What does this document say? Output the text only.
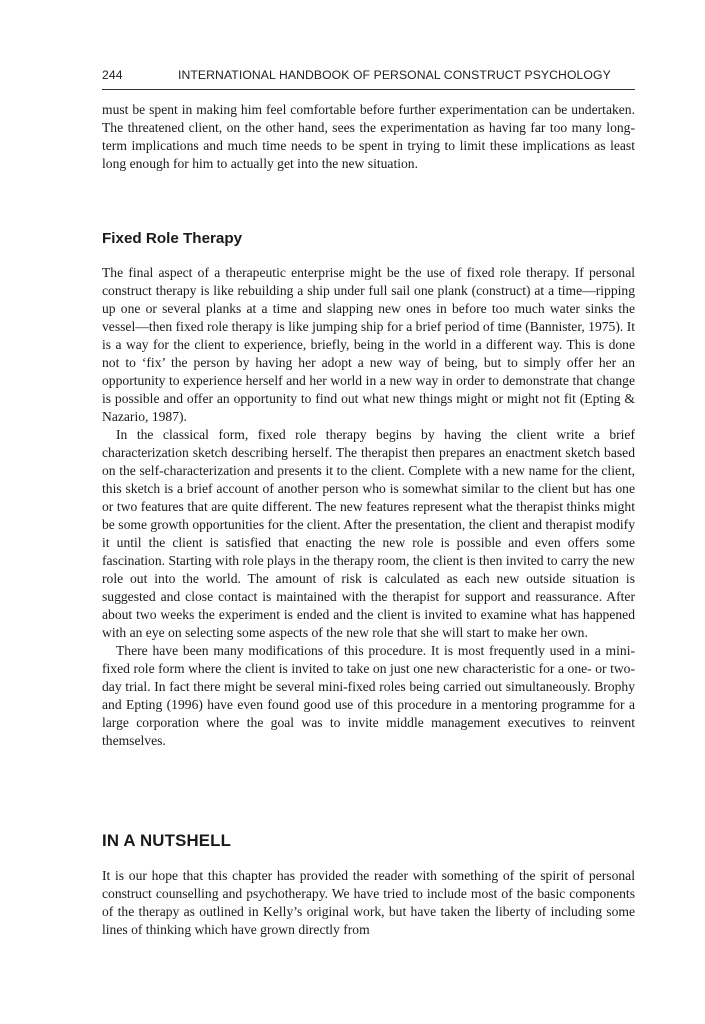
244	INTERNATIONAL HANDBOOK OF PERSONAL CONSTRUCT PSYCHOLOGY

must be spent in making him feel comfortable before further experimentation can be undertaken. The threatened client, on the other hand, sees the experimentation as having far too many long-term implications and much time needs to be spent in trying to limit these implications as least long enough for him to actually get into the new situation.

Fixed Role Therapy

The final aspect of a therapeutic enterprise might be the use of fixed role therapy. If personal construct therapy is like rebuilding a ship under full sail one plank (construct) at a time—ripping up one or several planks at a time and slapping new ones in before too much water sinks the vessel—then fixed role therapy is like jumping ship for a brief period of time (Bannister, 1975). It is a way for the client to experience, briefly, being in the world in a different way. This is done not to ‘fix’ the person by having her adopt a new way of being, but to simply offer her an opportunity to experience herself and her world in a new way in order to demonstrate that change is possible and offer an opportunity to find out what new things might or might not fit (Epting & Nazario, 1987).

In the classical form, fixed role therapy begins by having the client write a brief characterization sketch describing herself. The therapist then prepares an enactment sketch based on the self-characterization and presents it to the client. Complete with a new name for the client, this sketch is a brief account of another person who is somewhat similar to the client but has one or two features that are quite different. The new features represent what the therapist thinks might be some growth opportunities for the client. After the presentation, the client and therapist modify it until the client is satisfied that enacting the new role is possible and even offers some fascination. Starting with role plays in the therapy room, the client is then invited to carry the new role out into the world. The amount of risk is calculated as each new outside situation is suggested and close contact is maintained with the therapist for support and reassurance. After about two weeks the experiment is ended and the client is invited to examine what has happened with an eye on selecting some aspects of the new role that she will start to make her own.

There have been many modifications of this procedure. It is most frequently used in a mini-fixed role form where the client is invited to take on just one new characteristic for a one- or two-day trial. In fact there might be several mini-fixed roles being carried out simultaneously. Brophy and Epting (1996) have even found good use of this procedure in a mentoring programme for a large corporation where the goal was to invite middle management executives to reinvent themselves.

IN A NUTSHELL

It is our hope that this chapter has provided the reader with something of the spirit of personal construct counselling and psychotherapy. We have tried to include most of the basic components of the therapy as outlined in Kelly’s original work, but have taken the liberty of including some lines of thinking which have grown directly from
